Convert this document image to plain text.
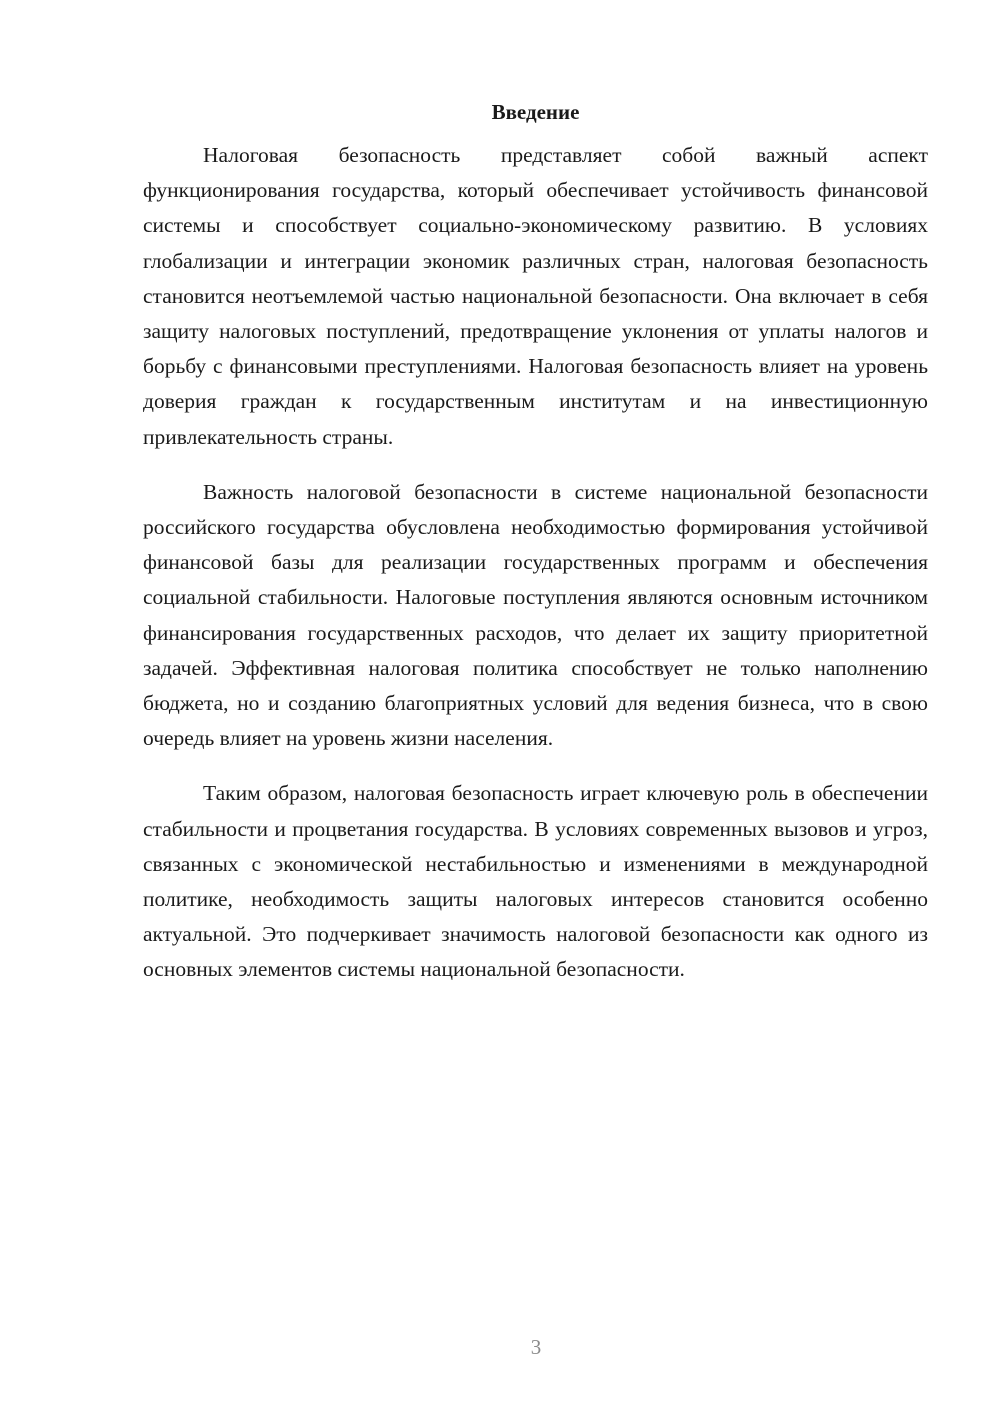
Введение

Налоговая безопасность представляет собой важный аспект функционирования государства, который обеспечивает устойчивость финансовой системы и способствует социально-экономическому развитию. В условиях глобализации и интеграции экономик различных стран, налоговая безопасность становится неотъемлемой частью национальной безопасности. Она включает в себя защиту налоговых поступлений, предотвращение уклонения от уплаты налогов и борьбу с финансовыми преступлениями. Налоговая безопасность влияет на уровень доверия граждан к государственным институтам и на инвестиционную привлекательность страны.

Важность налоговой безопасности в системе национальной безопасности российского государства обусловлена необходимостью формирования устойчивой финансовой базы для реализации государственных программ и обеспечения социальной стабильности. Налоговые поступления являются основным источником финансирования государственных расходов, что делает их защиту приоритетной задачей. Эффективная налоговая политика способствует не только наполнению бюджета, но и созданию благоприятных условий для ведения бизнеса, что в свою очередь влияет на уровень жизни населения.

Таким образом, налоговая безопасность играет ключевую роль в обеспечении стабильности и процветания государства. В условиях современных вызовов и угроз, связанных с экономической нестабильностью и изменениями в международной политике, необходимость защиты налоговых интересов становится особенно актуальной. Это подчеркивает значимость налоговой безопасности как одного из основных элементов системы национальной безопасности.

3
